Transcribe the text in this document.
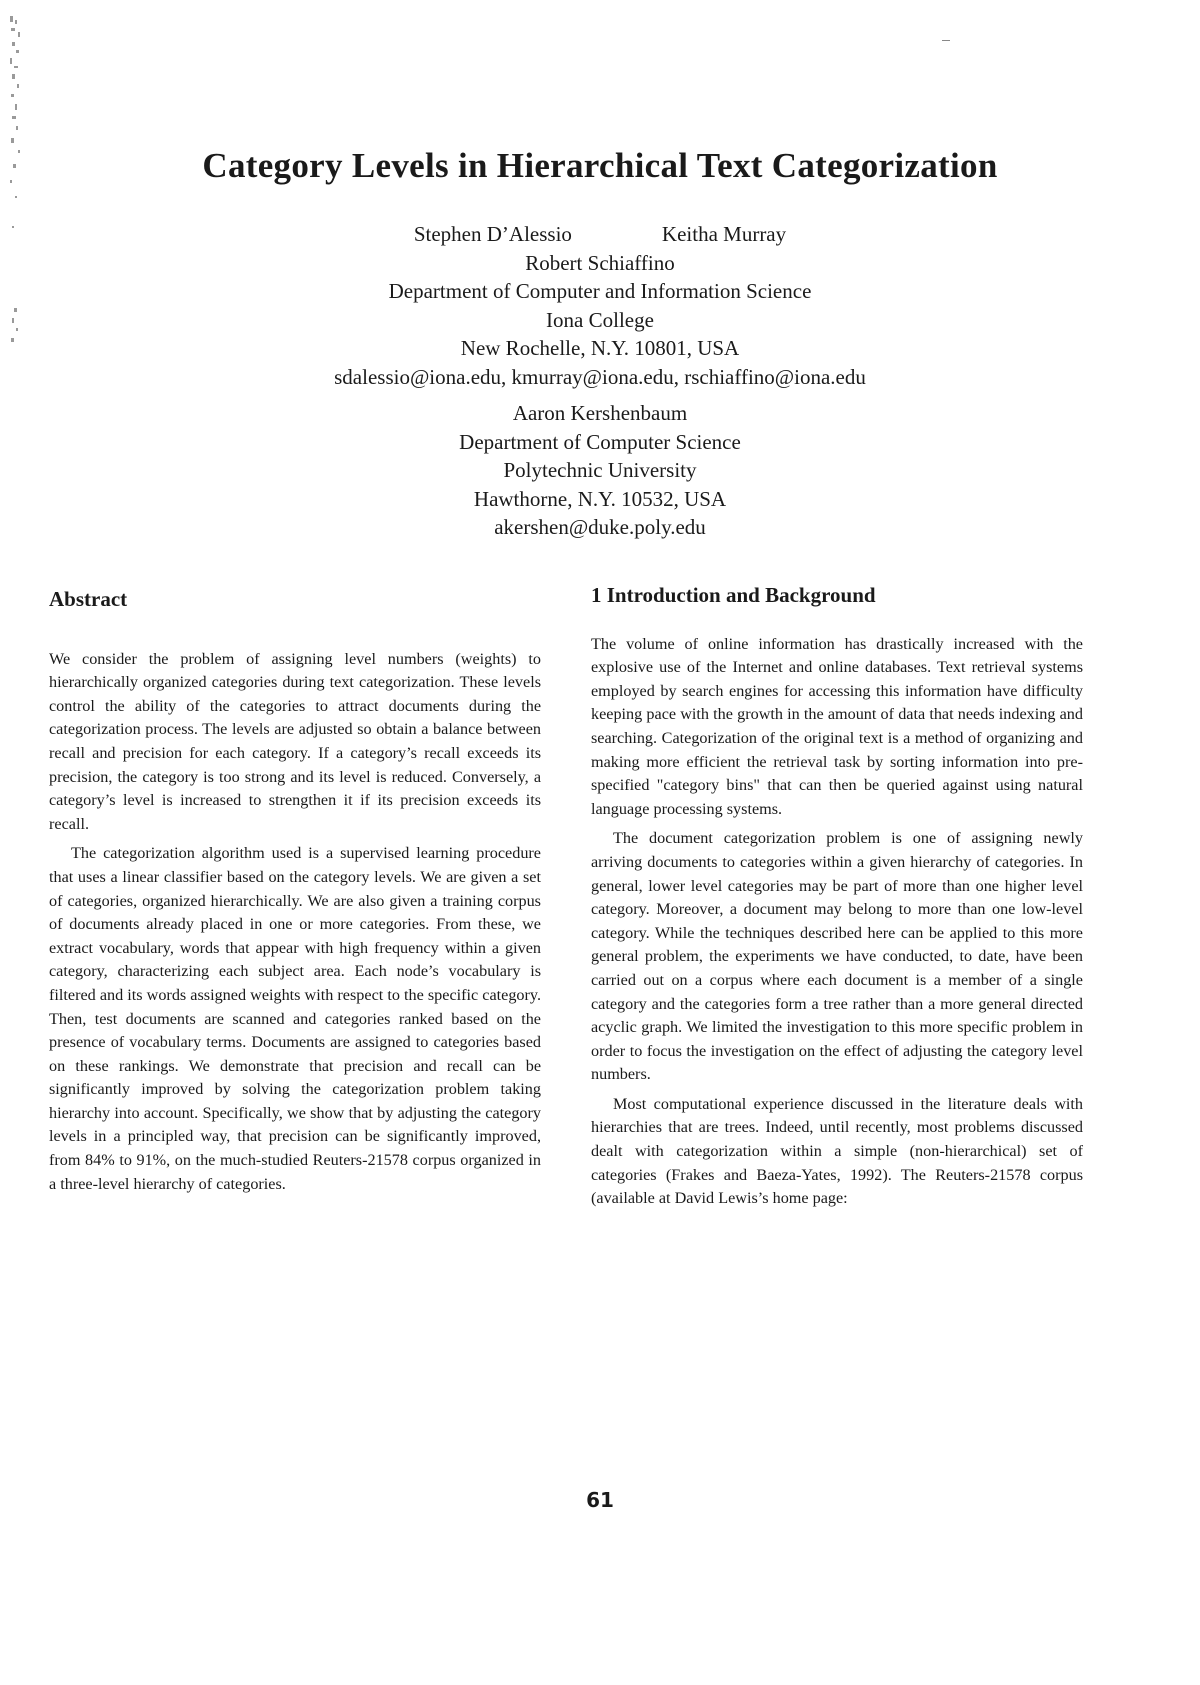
Category Levels in Hierarchical Text Categorization
Stephen D’Alessio	Keitha Murray
Robert Schiaffino
Department of Computer and Information Science
Iona College
New Rochelle, N.Y. 10801, USA
sdalessio@iona.edu, kmurray@iona.edu, rschiaffino@iona.edu
Aaron Kershenbaum
Department of Computer Science
Polytechnic University
Hawthorne, N.Y. 10532, USA
akershen@duke.poly.edu
Abstract

We consider the problem of assigning level numbers (weights) to hierarchically organized categories during text categorization. These levels control the ability of the categories to attract documents during the categorization process. The levels are adjusted so obtain a balance between recall and precision for each category. If a category’s recall exceeds its precision, the category is too strong and its level is reduced. Conversely, a category’s level is increased to strengthen it if its precision exceeds its recall.

The categorization algorithm used is a supervised learning procedure that uses a linear classifier based on the category levels. We are given a set of categories, organized hierarchically. We are also given a training corpus of documents already placed in one or more categories. From these, we extract vocabulary, words that appear with high frequency within a given category, characterizing each subject area. Each node’s vocabulary is filtered and its words assigned weights with respect to the specific category. Then, test documents are scanned and categories ranked based on the presence of vocabulary terms. Documents are assigned to categories based on these rankings. We demonstrate that precision and recall can be significantly improved by solving the categorization problem taking hierarchy into account. Specifically, we show that by adjusting the category levels in a principled way, that precision can be significantly improved, from 84% to 91%, on the much-studied Reuters-21578 corpus organized in a three-level hierarchy of categories.

1 Introduction and Background

The volume of online information has drastically increased with the explosive use of the Internet and online databases. Text retrieval systems employed by search engines for accessing this information have difficulty keeping pace with the growth in the amount of data that needs indexing and searching. Categorization of the original text is a method of organizing and making more efficient the retrieval task by sorting information into pre-specified "category bins" that can then be queried against using natural language processing systems.

The document categorization problem is one of assigning newly arriving documents to categories within a given hierarchy of categories. In general, lower level categories may be part of more than one higher level category. Moreover, a document may belong to more than one low-level category. While the techniques described here can be applied to this more general problem, the experiments we have conducted, to date, have been carried out on a corpus where each document is a member of a single category and the categories form a tree rather than a more general directed acyclic graph. We limited the investigation to this more specific problem in order to focus the investigation on the effect of adjusting the category level numbers.

Most computational experience discussed in the literature deals with hierarchies that are trees. Indeed, until recently, most problems discussed dealt with categorization within a simple (non-hierarchical) set of categories (Frakes and Baeza-Yates, 1992). The Reuters-21578 corpus (available at David Lewis’s home page:

61
